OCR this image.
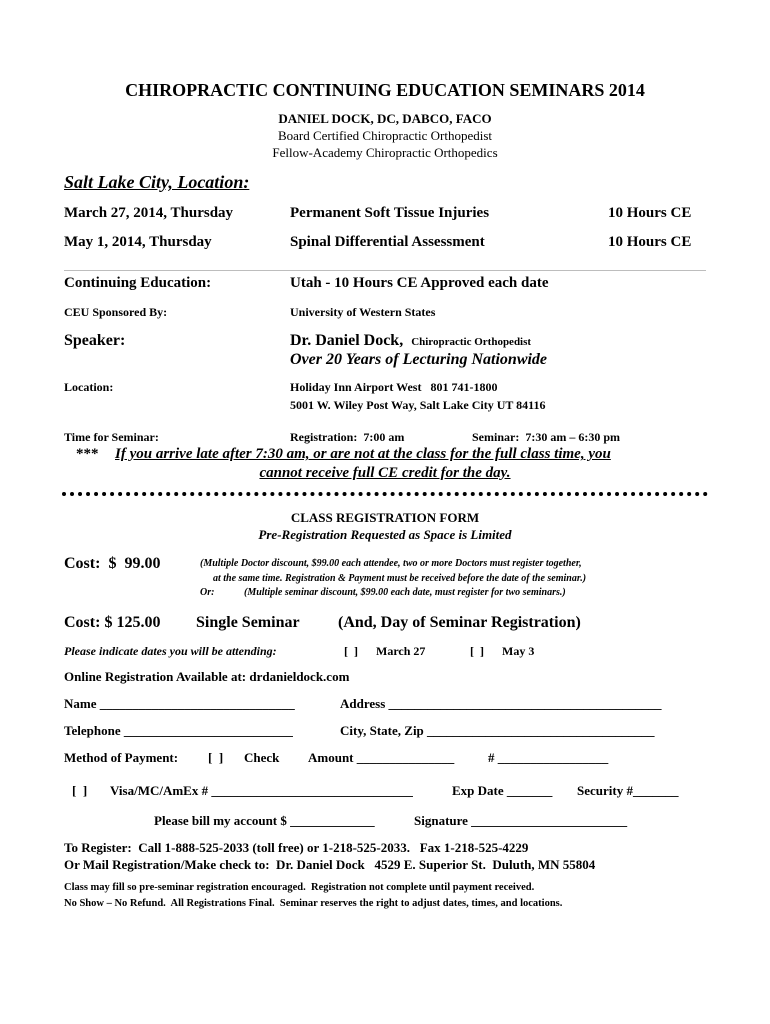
CHIROPRACTIC CONTINUING EDUCATION SEMINARS 2014
DANIEL DOCK, DC, DABCO, FACO
Board Certified Chiropractic Orthopedist
Fellow-Academy Chiropractic Orthopedics
Salt Lake City, Location:
March 27, 2014, Thursday	Permanent Soft Tissue Injuries	10 Hours CE
May 1, 2014, Thursday	Spinal Differential Assessment	10 Hours CE
Continuing Education:	Utah - 10 Hours CE Approved each date
CEU Sponsored By:	University of Western States
Speaker:	Dr. Daniel Dock, Chiropractic Orthopedist
Over 20 Years of Lecturing Nationwide
Location:	Holiday Inn Airport West   801 741-1800
5001 W. Wiley Post Way, Salt Lake City UT 84116
Time for Seminar:	Registration:  7:00 am	Seminar:  7:30 am – 6:30 pm
*** If you arrive late after 7:30 am, or are not at the class for the full class time, you
cannot receive full CE credit for the day.
CLASS REGISTRATION FORM
Pre-Registration Requested as Space is Limited
Cost:  $  99.00	(Multiple Doctor discount, $99.00 each attendee, two or more Doctors must register together,
at the same time. Registration & Payment must be received before the date of the seminar.)
Or:	(Multiple seminar discount, $99.00 each date, must register for two seminars.)
Cost: $ 125.00 Single Seminar (And, Day of Seminar Registration)
Please indicate dates you will be attending:	[  ] March 27	[  ] May 3
Online Registration Available at: drdanieldock.com
Name ______________________________	Address __________________________________________
Telephone __________________________	City, State, Zip ___________________________________
Method of Payment: [  ] Check Amount _______________	# _________________
[  ] Visa/MC/AmEx # _______________________________	Exp Date _______ Security #_______
Please bill my account $ _____________	Signature ________________________
To Register:  Call 1-888-525-2033 (toll free) or 1-218-525-2033.   Fax 1-218-525-4229
Or Mail Registration/Make check to:  Dr. Daniel Dock   4529 E. Superior St.  Duluth, MN 55804
Class may fill so pre-seminar registration encouraged.  Registration not complete until payment received.
No Show – No Refund.  All Registrations Final.  Seminar reserves the right to adjust dates, times, and locations.
